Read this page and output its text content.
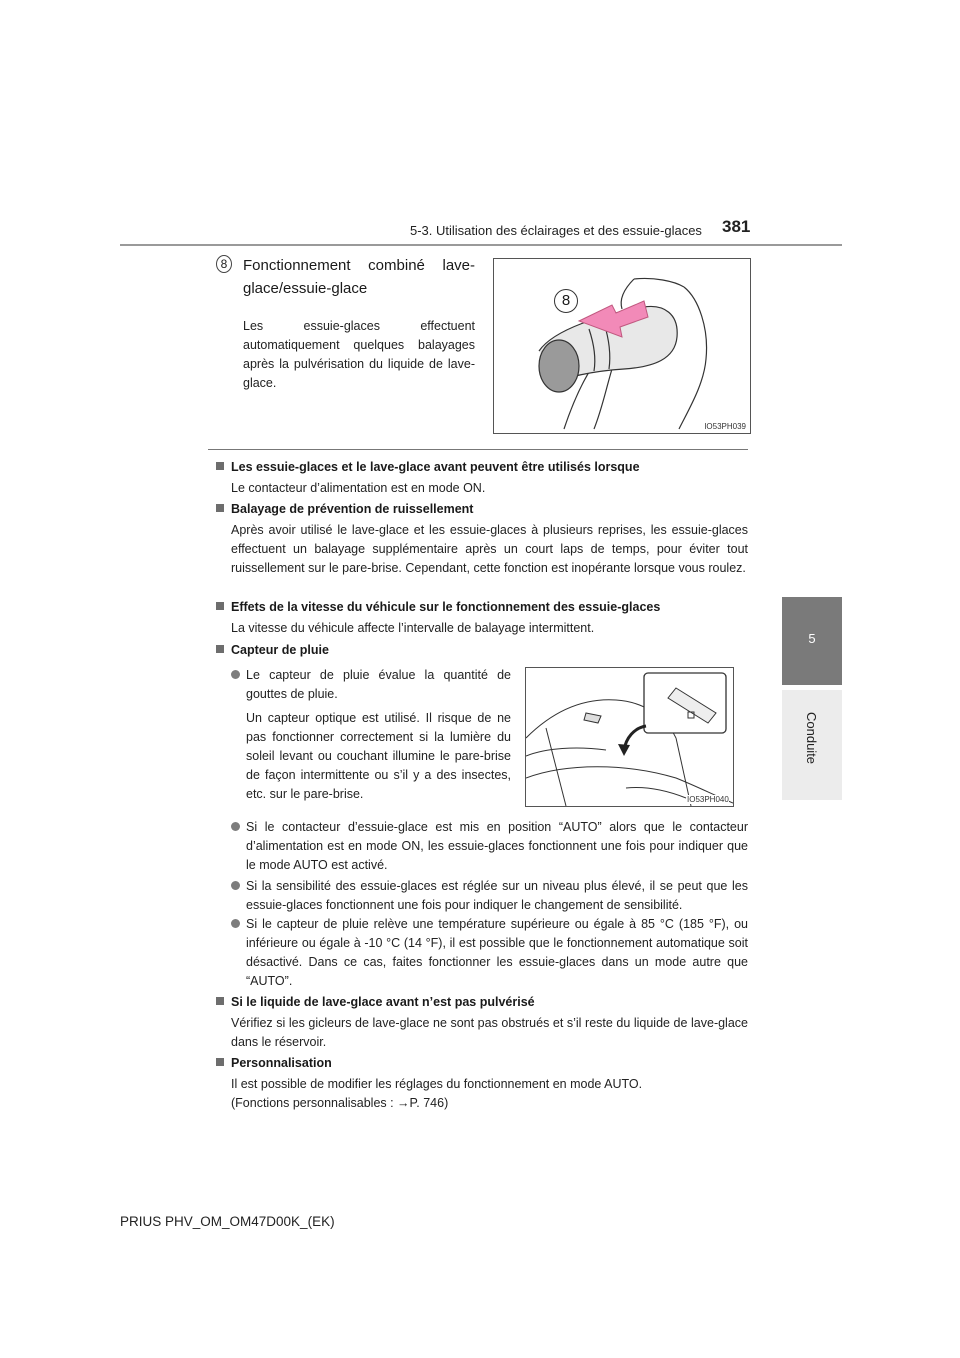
5-3. Utilisation des éclairages et des essuie-glaces 381
5
Conduite
8	Fonctionnement combiné lave-glace/essuie-glace
Les essuie-glaces effectuent automatiquement quelques balayages après la pulvérisation du liquide de lave-glace.
8
IO53PH039
Les essuie-glaces et le lave-glace avant peuvent être utilisés lorsque
Le contacteur d’alimentation est en mode ON.
Balayage de prévention de ruissellement
Après avoir utilisé le lave-glace et les essuie-glaces à plusieurs reprises, les essuie-glaces effectuent un balayage supplémentaire après un court laps de temps, pour éviter tout ruissellement sur le pare-brise. Cependant, cette fonction est inopérante lorsque vous roulez.
Effets de la vitesse du véhicule sur le fonctionnement des essuie-glaces
La vitesse du véhicule affecte l’intervalle de balayage intermittent.
Capteur de pluie
Le capteur de pluie évalue la quantité de gouttes de pluie.
Un capteur optique est utilisé. Il risque de ne pas fonctionner correctement si la lumière du soleil levant ou couchant illumine le pare-brise de façon intermittente ou s’il y a des insectes, etc. sur le pare-brise.	IO53PH040
Si le contacteur d’essuie-glace est mis en position “AUTO” alors que le contacteur d’alimentation est en mode ON, les essuie-glaces fonctionnent une fois pour indiquer que le mode AUTO est activé.
Si la sensibilité des essuie-glaces est réglée sur un niveau plus élevé, il se peut que les essuie-glaces fonctionnent une fois pour indiquer le changement de sensibilité.
Si le capteur de pluie relève une température supérieure ou égale à 85 °C (185 °F), ou inférieure ou égale à -10 °C (14 °F), il est possible que le fonctionnement automatique soit désactivé. Dans ce cas, faites fonctionner les essuie-glaces dans un mode autre que “AUTO”.
Si le liquide de lave-glace avant n’est pas pulvérisé
Vérifiez si les gicleurs de lave-glace ne sont pas obstrués et s’il reste du liquide de lave-glace dans le réservoir.
Personnalisation
Il est possible de modifier les réglages du fonctionnement en mode AUTO.
(Fonctions personnalisables : →P. 746)
PRIUS PHV_OM_OM47D00K_(EK)
